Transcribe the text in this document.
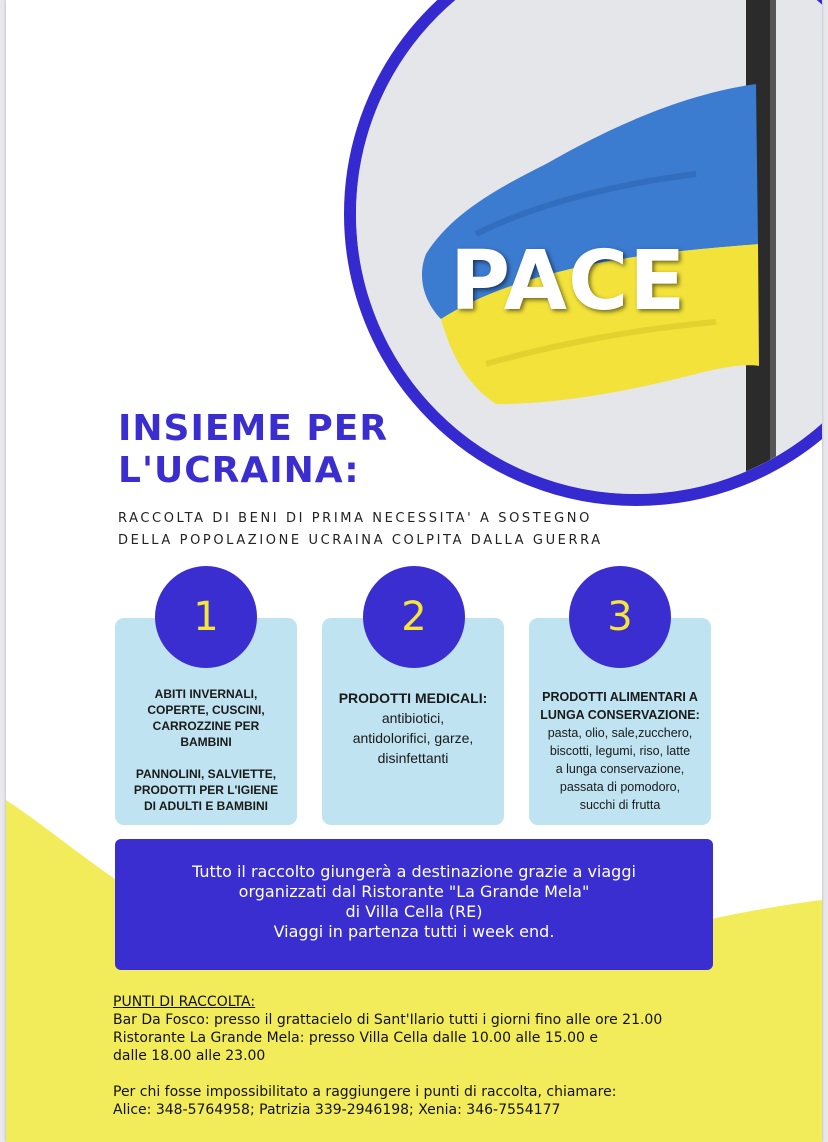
PACE
INSIEME PER
L'UCRAINA:
RACCOLTA DI BENI DI PRIMA NECESSITA' A SOSTEGNO
DELLA POPOLAZIONE UCRAINA COLPITA DALLA GUERRA
ABITI INVERNALI,
COPERTE, CUSCINI,
CARROZZINE PER
BAMBINI
PANNOLINI, SALVIETTE,
PRODOTTI PER L'IGIENE
DI ADULTI E BAMBINI
1
PRODOTTI MEDICALI:
antibiotici,
antidolorifici, garze,
disinfettanti
2
PRODOTTI ALIMENTARI A
LUNGA CONSERVAZIONE:
pasta, olio, sale,zucchero,
biscotti, legumi, riso, latte
a lunga conservazione,
passata di pomodoro,
succhi di frutta
3
Tutto il raccolto giungerà a destinazione grazie a viaggi
organizzati dal Ristorante "La Grande Mela"
di Villa Cella (RE)
Viaggi in partenza tutti i week end.
PUNTI DI RACCOLTA:
Bar Da Fosco: presso il grattacielo di Sant'Ilario tutti i giorni fino alle ore 21.00
Ristorante La Grande Mela: presso Villa Cella dalle 10.00 alle 15.00 e
dalle 18.00 alle 23.00
Per chi fosse impossibilitato a raggiungere i punti di raccolta, chiamare:
Alice: 348-5764958; Patrizia 339-2946198; Xenia: 346-7554177
